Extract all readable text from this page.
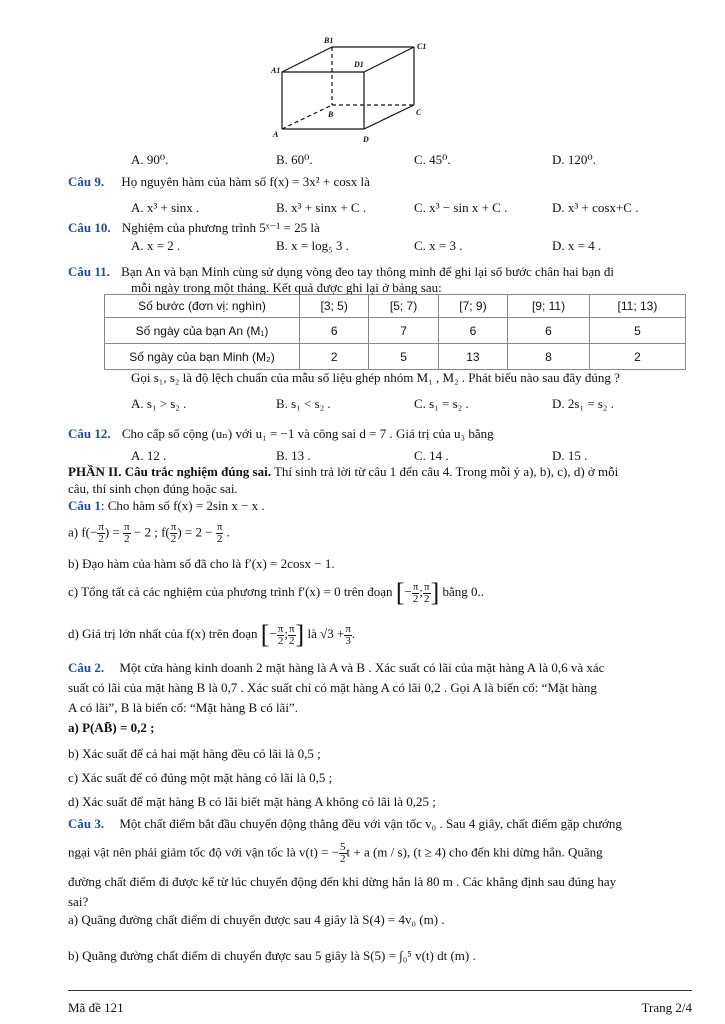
B1
C1
A1
D1
B	C
A
D
A. 90⁰.	B. 60⁰.	C. 45⁰.	D. 120⁰.
Câu 9. Họ nguyên hàm của hàm số f(x) = 3x² + cosx là
A. x³ + sinx .	B. x³ + sinx + C .	C. x³ − sin x + C .	D. x³ + cosx+C .
Câu 10. Nghiệm của phương trình 5ˣ⁻¹ = 25 là
A. x = 2 .	B. x = log₅ 3 .	C. x = 3 .	D. x = 4 .
Câu 11. Bạn An và bạn Minh cùng sử dụng vòng đeo tay thông minh để ghi lại số bước chân hai bạn đi
mỗi ngày trong một tháng. Kết quả được ghi lại ở bảng sau:
Số bước (đơn vị: nghìn)	[3; 5)	[5; 7)	[7; 9)	[9; 11)	[11; 13)
Số ngày của bạn An (M₁)	6	7	6	6	5
Số ngày của bạn Minh (M₂)	2	5	13	8	2
Gọi s₁, s₂ là độ lệch chuẩn của mẫu số liệu ghép nhóm M₁ , M₂ . Phát biểu nào sau đây đúng ?
A. s₁ > s₂ .	B. s₁ < s₂ .	C. s₁ = s₂ .	D. 2s₁ = s₂ .
Câu 12. Cho cấp số cộng (uₙ) với u₁ = −1 và công sai d = 7 . Giá trị của u₃ bằng
A. 12 .	B. 13 .	C. 14 .	D. 15 .
PHẦN II. Câu trắc nghiệm đúng sai. Thí sinh trả lời từ câu 1 đến câu 4. Trong mỗi ý a), b), c), d) ở mỗi
câu, thí sinh chọn đúng hoặc sai.
Câu 1: Cho hàm số f(x) = 2sin x − x .
a) $f(- \frac{\pi}{2}$ ) = $\frac{\pi}{2} - 2$ ; $f( \frac{\pi}{2}$ ) = $2 - \frac{\pi}{2}$ .
b) Đạo hàm của hàm số đã cho là f′(x) = 2cosx − 1.
c) Tổng tất cả các nghiệm của phương trình f′(x) = 0 trên đoạn [− $\frac{\pi}{2}$ ; $\frac{\pi}{2}$ ] bằng 0..
d) Giá trị lớn nhất của f(x) trên đoạn [− $\frac{\pi}{2}$ ; $\frac{\pi}{2}$ ] là $√3 + \frac{\pi}{3}$ .
Câu 2. Một cửa hàng kinh doanh 2 mặt hàng là A và B . Xác suất có lãi của mặt hàng A là 0,6 và xác
suất có lãi của mặt hàng B là 0,7 . Xác suất chỉ có mặt hàng A có lãi 0,2 . Gọi A là biến cố: “Mặt hàng
A có lãi”, B là biến cố: “Mặt hàng B có lãi”.
a) P(AB̄) = 0,2 ;
b) Xác suất để cả hai mặt hàng đều có lãi là 0,5 ;
c) Xác suất để có đúng một mặt hàng có lãi là 0,5 ;
d) Xác suất để mặt hàng B có lãi biết mặt hàng A không có lãi là 0,25 ;
Câu 3. Một chất điểm bắt đầu chuyển động thẳng đều với vận tốc v₀ . Sau 4 giây, chất điểm gặp chướng
ngại vật nên phải giảm tốc độ với vận tốc là v(t) = − $\frac{5}{2}$ t + a (m / s), (t ≥ 4) cho đến khi dừng hẳn. Quãng
đường chất điểm đi được kể từ lúc chuyển động đến khi dừng hẳn là 80 m . Các khẳng định sau đúng hay
sai?
a) Quãng đường chất điểm di chuyển được sau 4 giây là S(4) = 4v₀ (m) .
b) Quãng đường chất điểm di chuyển được sau 5 giây là S(5) = ∫₀⁵ v(t) dt (m) .
Mã đề 121	Trang 2/4
